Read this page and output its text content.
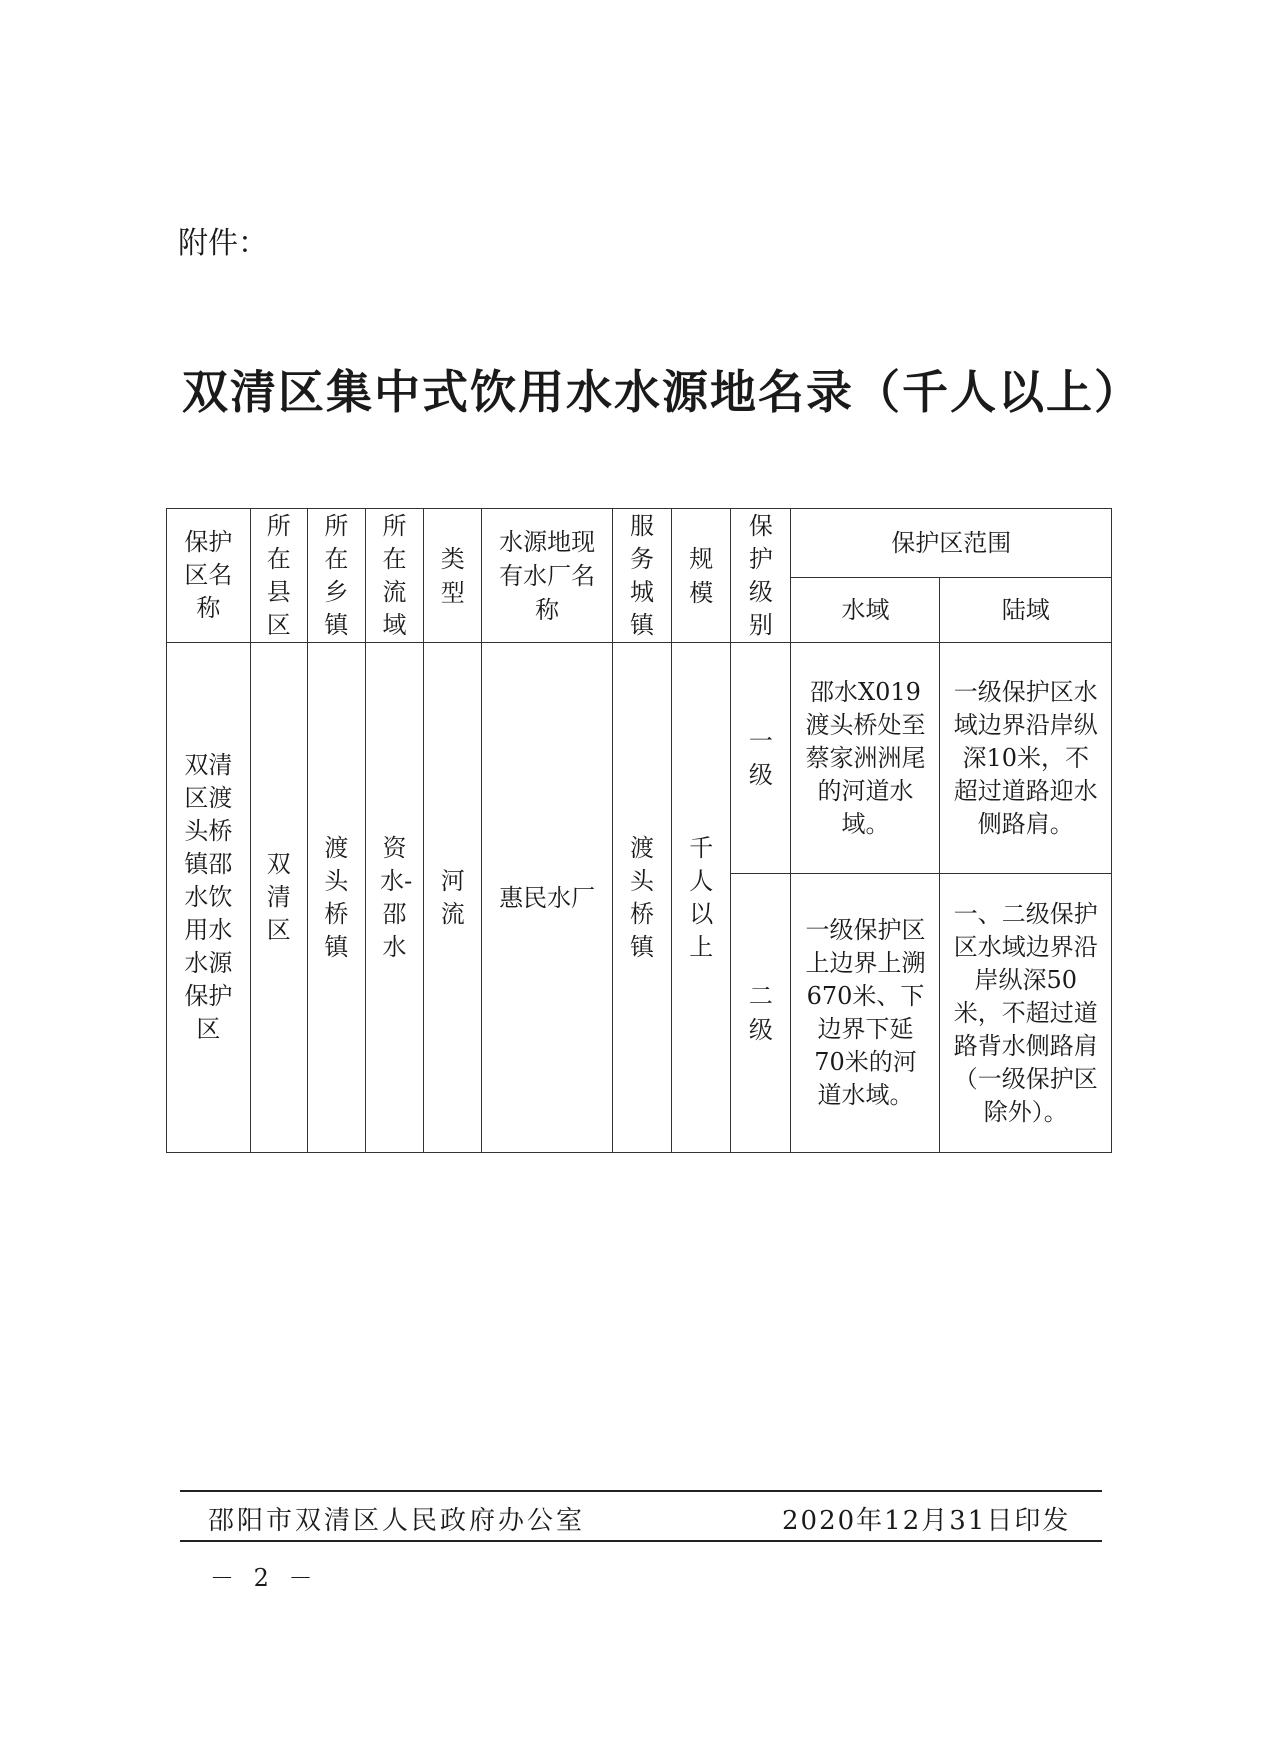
附件：
双清区集中式饮用水水源地名录（千人以上）
保护区名称	所在县区	所在乡镇	所在流域	类型	水源地现有水厂名称	服务城镇	规模	保护级别	保护区范围	
									水域	陆域

双清区渡头桥镇邵水饮用水水源保护区	双清区	渡头桥镇	资水-邵水	河流	惠民水厂	渡头桥镇	千人以上	一级	邵水X019渡头桥处至蔡家洲洲尾的河道水域。	一级保护区水域边界沿岸纵深10米，不超过道路迎水侧路肩。

								二级	一级保护区上边界上溯670米、下边界下延70米的河道水域。	一、二级保护区水域边界沿岸纵深50米，不超过道路背水侧路肩（一级保护区除外）。
邵阳市双清区人民政府办公室	2020年12月31日印发
－ 2 －
